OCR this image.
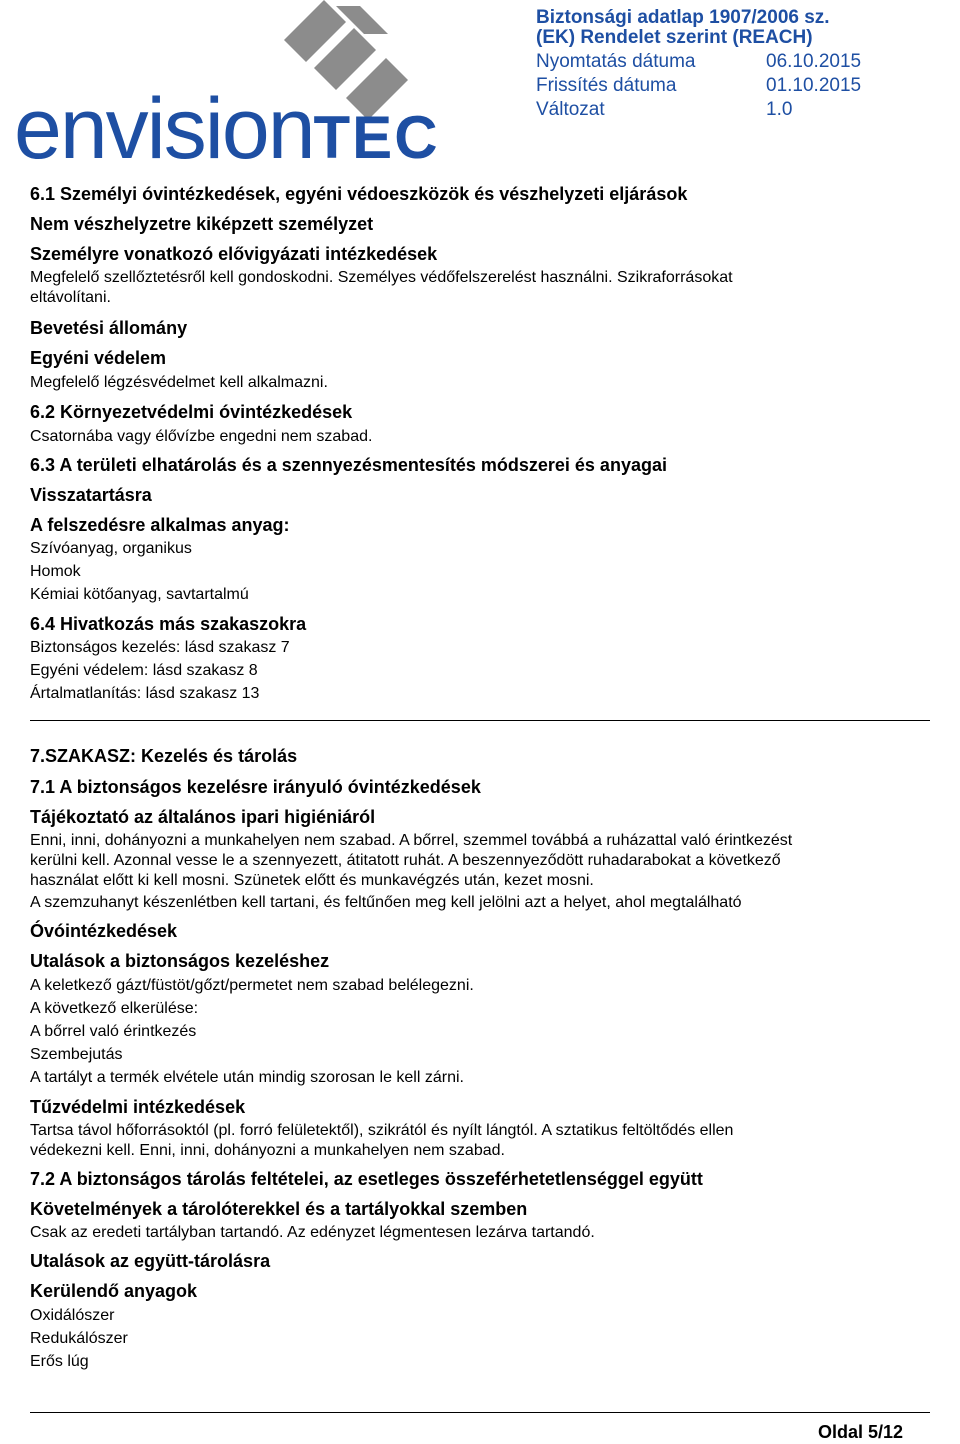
envisionTEC
Biztonsági adatlap 1907/2006 sz.
(EK) Rendelet szerint (REACH)
Nyomtatás dátuma	06.10.2015
Frissítés dátuma	01.10.2015
Változat	1.0
6.1 Személyi óvintézkedések, egyéni védoeszközök és vészhelyzeti eljárások
Nem vészhelyzetre kiképzett személyzet
Személyre vonatkozó elővigyázati intézkedések
Megfelelő szellőztetésről kell gondoskodni. Személyes védőfelszerelést használni. Szikraforrásokat
eltávolítani.
Bevetési állomány
Egyéni védelem
Megfelelő légzésvédelmet kell alkalmazni.
6.2 Környezetvédelmi óvintézkedések
Csatornába vagy élővízbe engedni nem szabad.
6.3 A területi elhatárolás és a szennyezésmentesítés módszerei és anyagai
Visszatartásra
A felszedésre alkalmas anyag:
Szívóanyag, organikus
Homok
Kémiai kötőanyag, savtartalmú
6.4 Hivatkozás más szakaszokra
Biztonságos kezelés: lásd szakasz 7
Egyéni védelem: lásd szakasz 8
Ártalmatlanítás: lásd szakasz 13
7.SZAKASZ: Kezelés és tárolás
7.1 A biztonságos kezelésre irányuló óvintézkedések
Tájékoztató az általános ipari higiéniáról
Enni, inni, dohányozni a munkahelyen nem szabad. A bőrrel, szemmel továbbá a ruházattal való érintkezést
kerülni kell. Azonnal vesse le a szennyezett, átitatott ruhát. A beszennyeződött ruhadarabokat a következő
használat előtt ki kell mosni. Szünetek előtt és munkavégzés után, kezet mosni.
A szemzuhanyt készenlétben kell tartani, és feltűnően meg kell jelölni azt a helyet, ahol megtalálható
Óvóintézkedések
Utalások a biztonságos kezeléshez
A keletkező gázt/füstöt/gőzt/permetet nem szabad belélegezni.
A következő elkerülése:
A bőrrel való érintkezés
Szembejutás
A tartályt a termék elvétele után mindig szorosan le kell zárni.
Tűzvédelmi intézkedések
Tartsa távol hőforrásoktól (pl. forró felületektől), szikrától és nyílt lángtól. A sztatikus feltöltődés ellen
védekezni kell. Enni, inni, dohányozni a munkahelyen nem szabad.
7.2 A biztonságos tárolás feltételei, az esetleges összeférhetetlenséggel együtt
Követelmények a tárolóterekkel és a tartályokkal szemben
Csak az eredeti tartályban tartandó. Az edényzet légmentesen lezárva tartandó.
Utalások az együtt-tárolásra
Kerülendő anyagok
Oxidálószer
Redukálószer
Erős lúg
Oldal 5/12
